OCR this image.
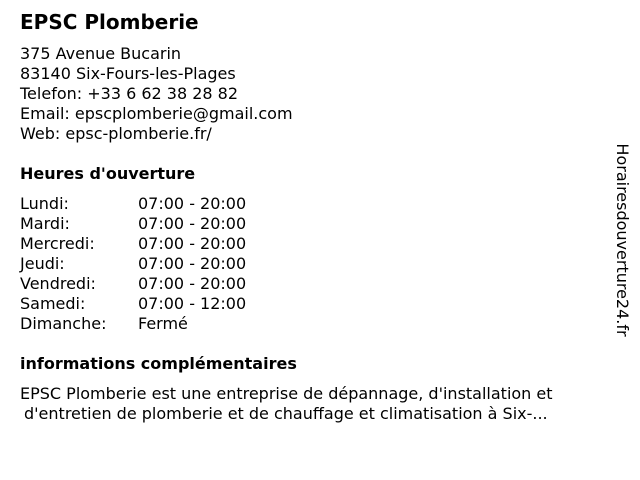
EPSC Plomberie
375 Avenue Bucarin
83140 Six-Fours-les-Plages
Telefon: +33 6 62 38 28 82
Email: epscplomberie@gmail.com
Web: epsc-plomberie.fr/
Heures d'ouverture
Lundi:	07:00 - 20:00
Mardi:	07:00 - 20:00
Mercredi:	07:00 - 20:00
Jeudi:	07:00 - 20:00
Vendredi:	07:00 - 20:00
Samedi:	07:00 - 12:00
Dimanche: Fermé
informations complémentaires
EPSC Plomberie est une entreprise de dépannage, d'installation et
d'entretien de plomberie et de chauffage et climatisation à Six-...
Horairesdouverture24.fr
